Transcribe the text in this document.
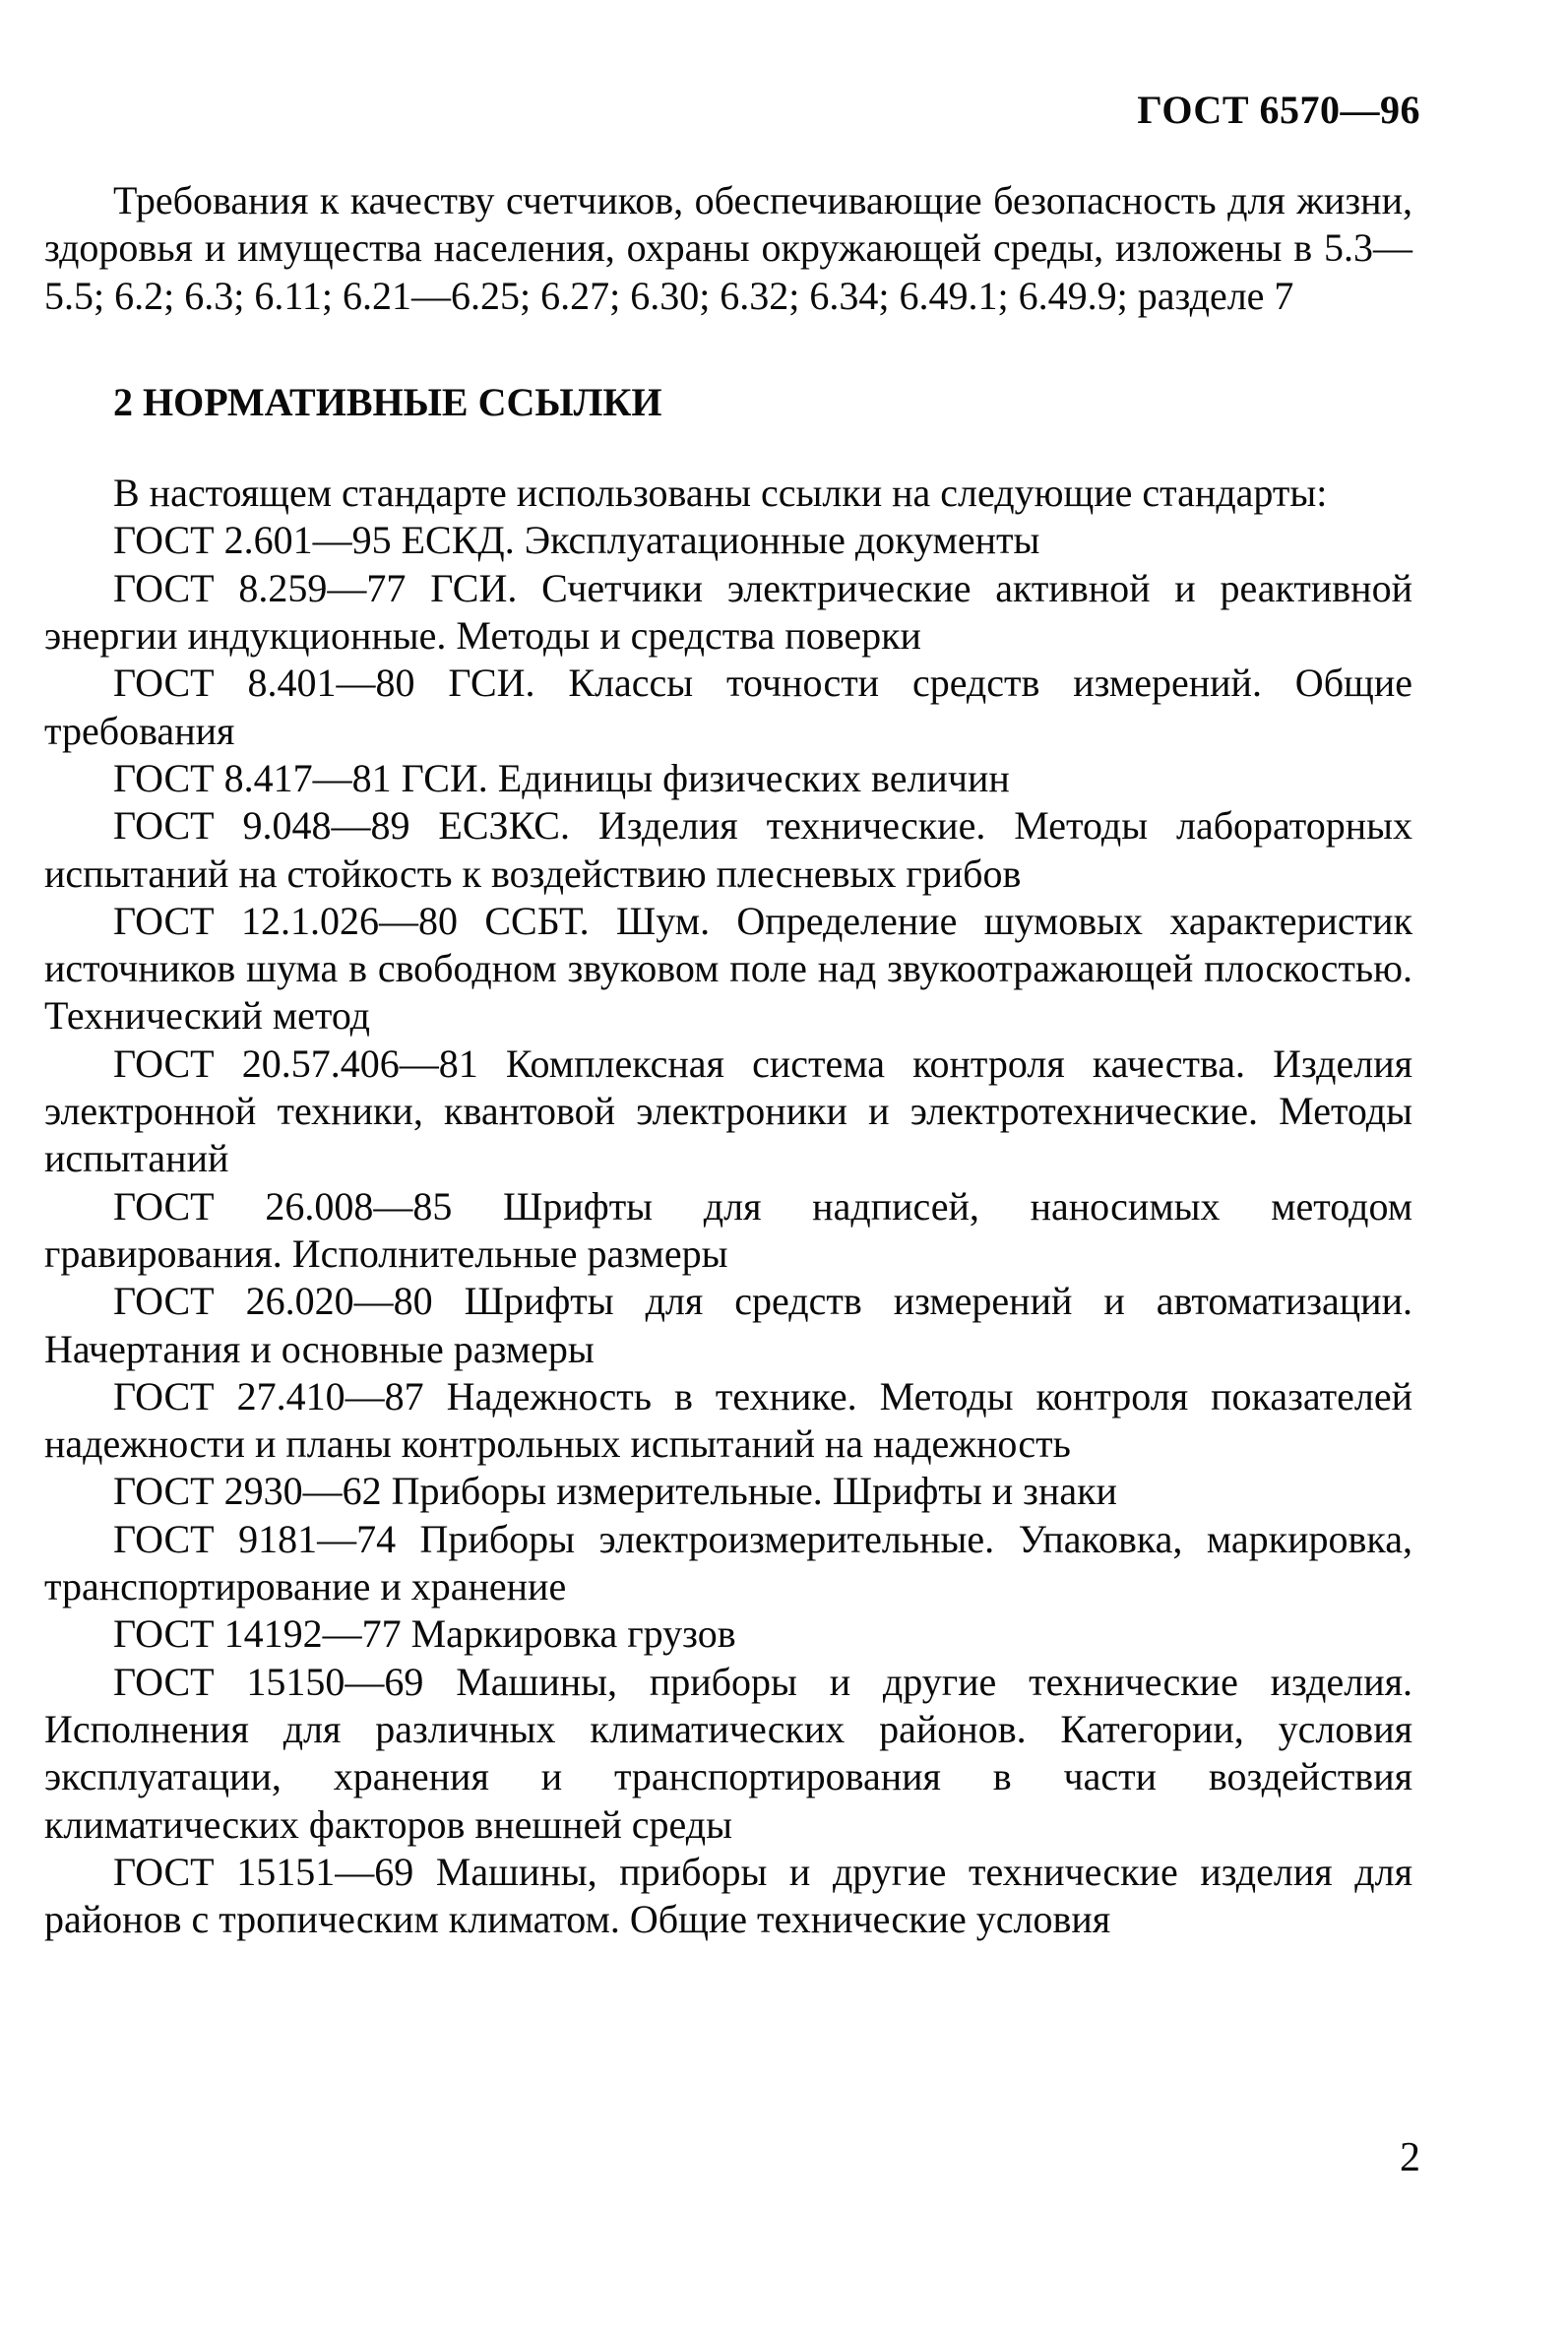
ГОСТ 6570—96

Требования к качеству счетчиков, обеспечивающие безопасность для жизни, здоровья и имущества населения, охраны окружающей среды, изложены в 5.3—5.5; 6.2; 6.3; 6.11; 6.21—6.25; 6.27; 6.30; 6.32; 6.34; 6.49.1; 6.49.9; разделе 7

2 НОРМАТИВНЫЕ ССЫЛКИ

В настоящем стандарте использованы ссылки на следующие стандарты:

ГОСТ 2.601—95 ЕСКД. Эксплуатационные документы

ГОСТ 8.259—77 ГСИ. Счетчики электрические активной и реактивной энергии индукционные. Методы и средства поверки

ГОСТ 8.401—80 ГСИ. Классы точности средств измерений. Общие требования

ГОСТ 8.417—81 ГСИ. Единицы физических величин

ГОСТ 9.048—89 ЕСЗКС. Изделия технические. Методы лабораторных испытаний на стойкость к воздействию плесневых грибов

ГОСТ 12.1.026—80 ССБТ. Шум. Определение шумовых характеристик источников шума в свободном звуковом поле над звукоотражающей плоскостью. Технический метод

ГОСТ 20.57.406—81 Комплексная система контроля качества. Изделия электронной техники, квантовой электроники и электротехнические. Методы испытаний

ГОСТ 26.008—85 Шрифты для надписей, наносимых методом гравирования. Исполнительные размеры

ГОСТ 26.020—80 Шрифты для средств измерений и автоматизации. Начертания и основные размеры

ГОСТ 27.410—87 Надежность в технике. Методы контроля показателей надежности и планы контрольных испытаний на надежность

ГОСТ 2930—62 Приборы измерительные. Шрифты и знаки

ГОСТ 9181—74 Приборы электроизмерительные. Упаковка, маркировка, транспортирование и хранение

ГОСТ 14192—77 Маркировка грузов

ГОСТ 15150—69 Машины, приборы и другие технические изделия. Исполнения для различных климатических районов. Категории, условия эксплуатации, хранения и транспортирования в части воздействия климатических факторов внешней среды

ГОСТ 15151—69 Машины, приборы и другие технические изделия для районов с тропическим климатом. Общие технические условия

2
